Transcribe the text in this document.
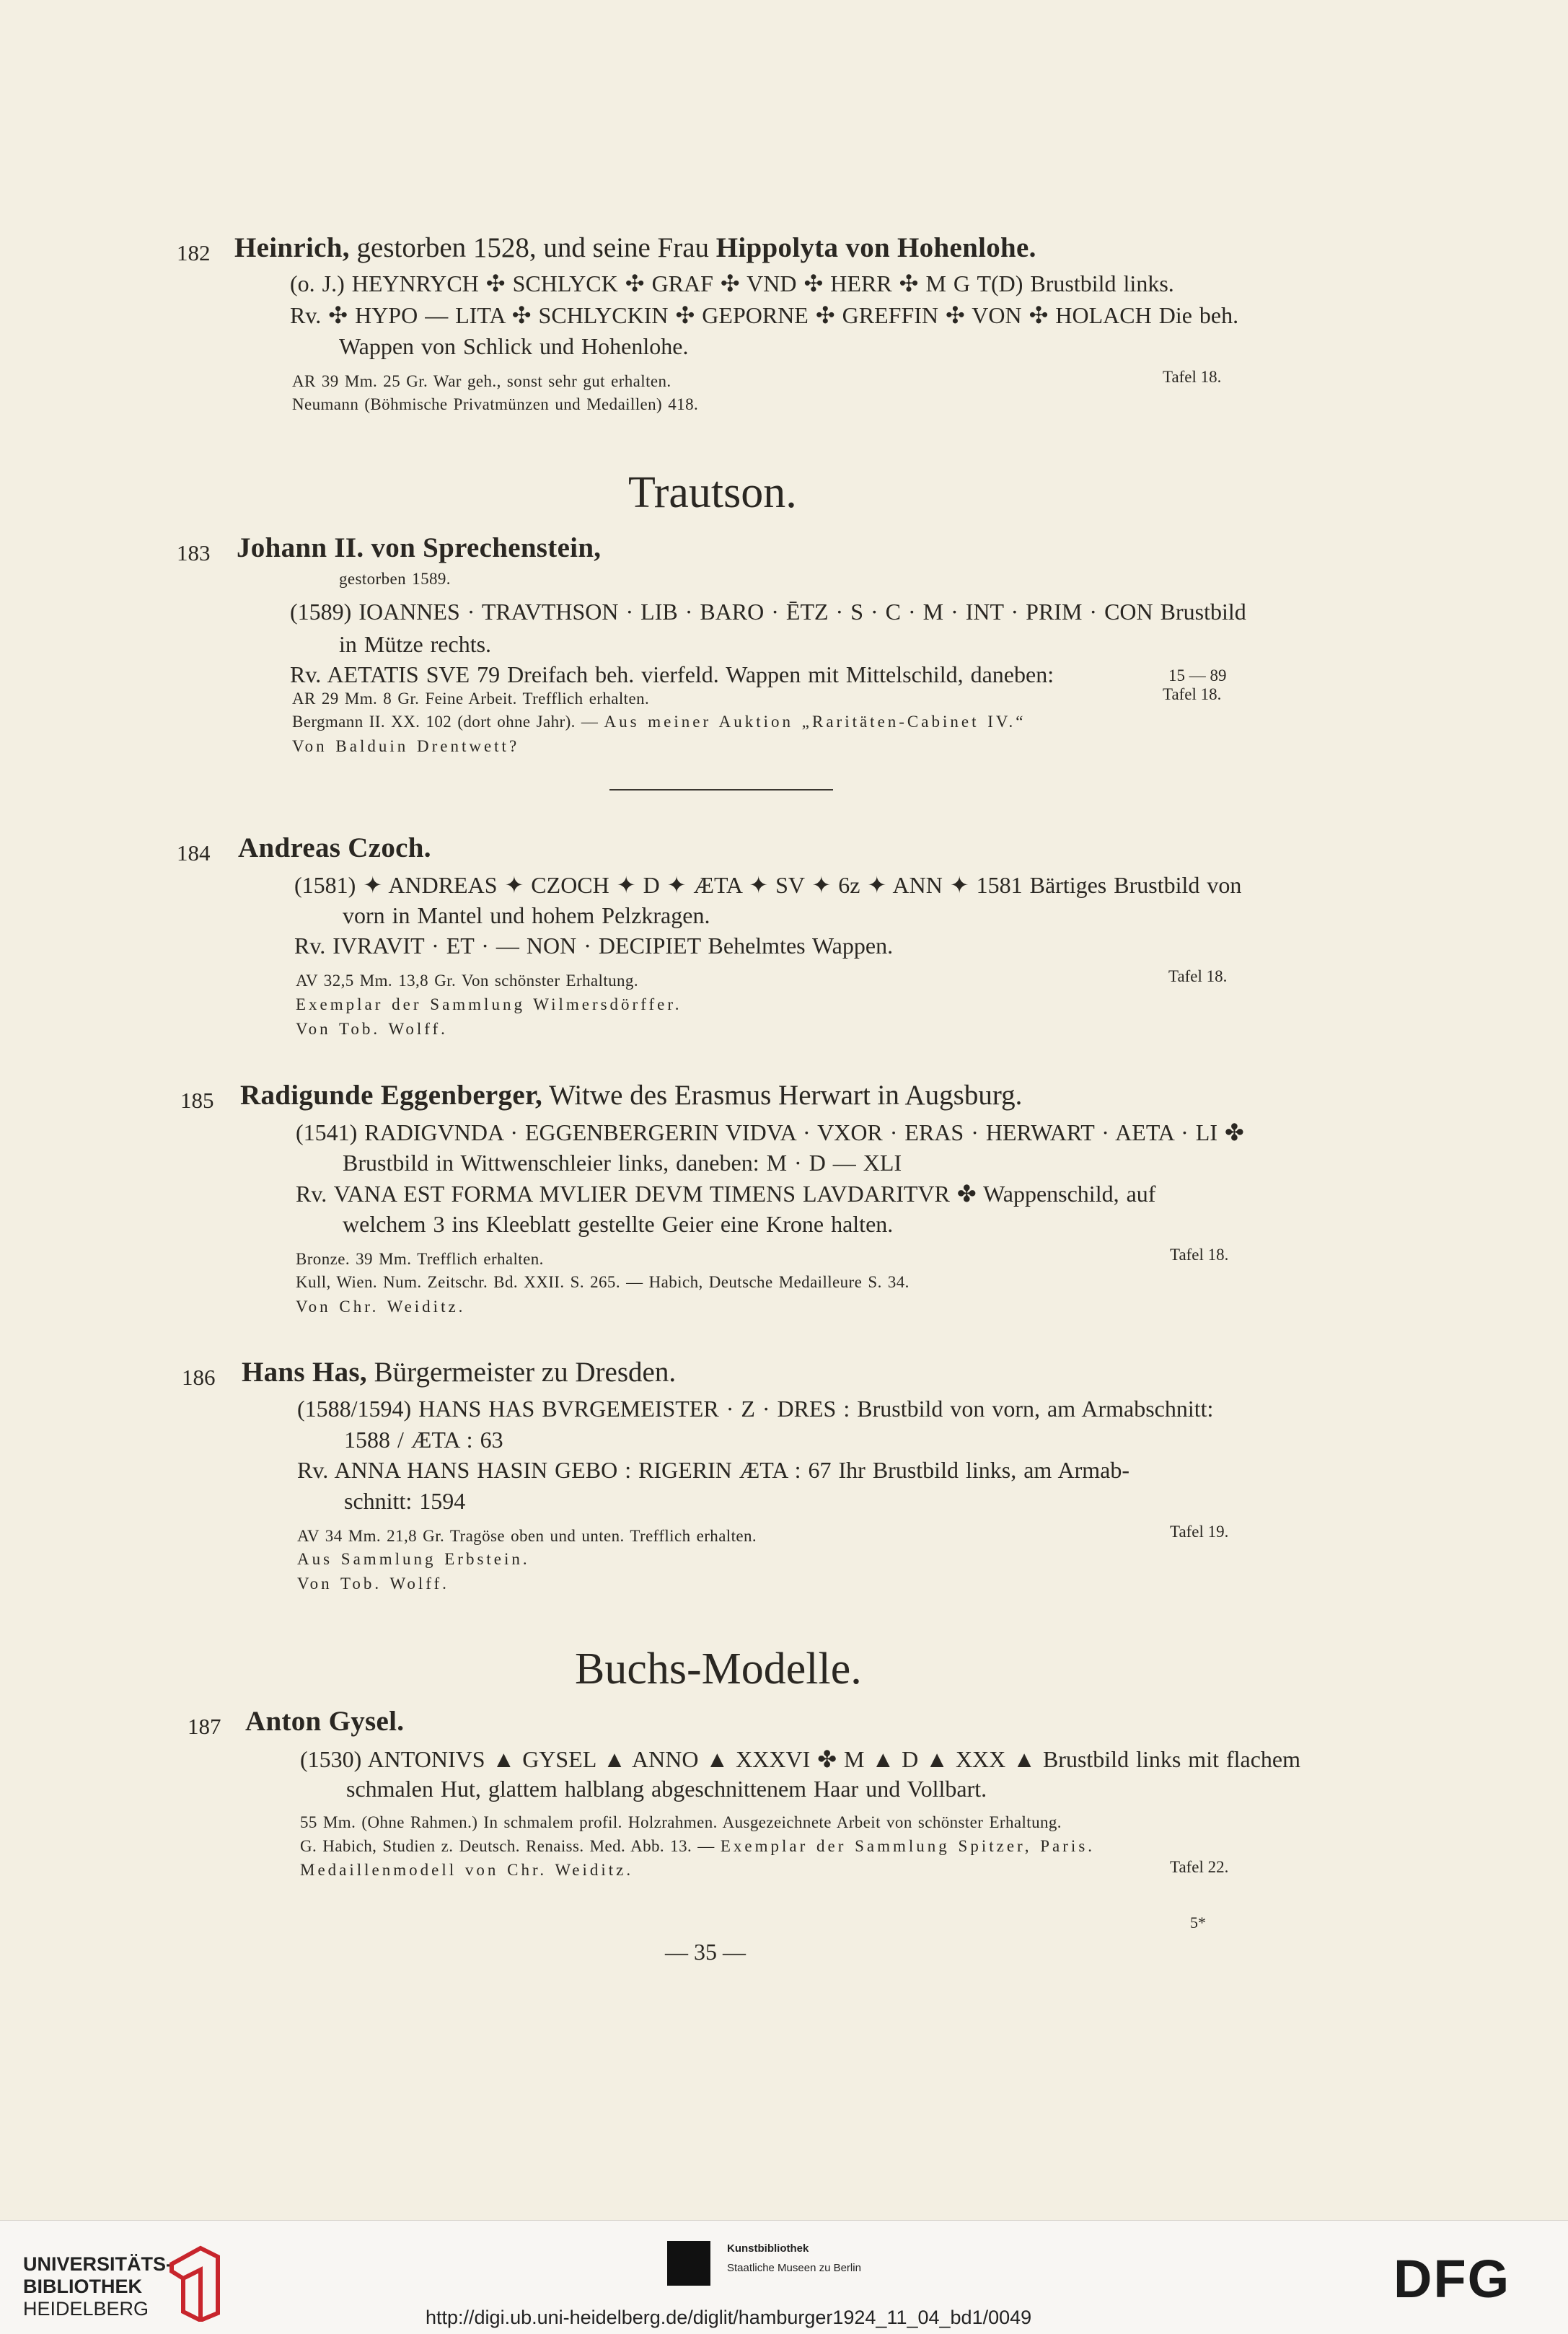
182 Heinrich, gestorben 1528, und seine Frau Hippolyta von Hohenlohe.
(o. J.) HEYNRYCH ✣ SCHLYCK ✣ GRAF ✣ VND ✣ HERR ✣ M G T(D) Brustbild links.
Rv. ✣ HYPO — LITA ✣ SCHLYCKIN ✣ GEPORNE ✣ GREFFIN ✣ VON ✣ HOLACH Die beh.
Wappen von Schlick und Hohenlohe.
AR 39 Mm. 25 Gr. War geh., sonst sehr gut erhalten.	Tafel 18.
Neumann (Böhmische Privatmünzen und Medaillen) 418.
Trautson.
183 Johann II. von Sprechenstein,
gestorben 1589.
(1589) IOANNES · TRAVTHSON · LIB · BARO · ĒTZ · S · C · M · INT · PRIM · CON Brustbild
in Mütze rechts.
Rv. AETATIS SVE 79 Dreifach beh. vierfeld. Wappen mit Mittelschild, daneben:	15 — 89
AR 29 Mm. 8 Gr. Feine Arbeit. Trefflich erhalten.	Tafel 18.
Bergmann II. XX. 102 (dort ohne Jahr). — Aus meiner Auktion „Raritäten-Cabinet IV.“
Von Balduin Drentwett?
184 Andreas Czoch.
(1581) ✦ ANDREAS ✦ CZOCH ✦ D ✦ ÆTA ✦ SV ✦ 6z ✦ ANN ✦ 1581 Bärtiges Brustbild von
vorn in Mantel und hohem Pelzkragen.
Rv. IVRAVIT · ET · — NON · DECIPIET Behelmtes Wappen.
AV 32,5 Mm. 13,8 Gr. Von schönster Erhaltung.	Tafel 18.
Exemplar der Sammlung Wilmersdörffer.
Von Tob. Wolff.
185 Radigunde Eggenberger, Witwe des Erasmus Herwart in Augsburg.
(1541) RADIGVNDA · EGGENBERGERIN VIDVA · VXOR · ERAS · HERWART · AETA · LI ✤
Brustbild in Wittwenschleier links, daneben: M · D — XLI
Rv. VANA EST FORMA MVLIER DEVM TIMENS LAVDARITVR ✤ Wappenschild, auf
welchem 3 ins Kleeblatt gestellte Geier eine Krone halten.
Bronze. 39 Mm. Trefflich erhalten.	Tafel 18.
Kull, Wien. Num. Zeitschr. Bd. XXII. S. 265. — Habich, Deutsche Medailleure S. 34.
Von Chr. Weiditz.
186 Hans Has, Bürgermeister zu Dresden.
(1588/1594) HANS HAS BVRGEMEISTER · Z · DRES : Brustbild von vorn, am Armabschnitt:
1588 / ÆTA : 63
Rv. ANNA HANS HASIN GEBO : RIGERIN ÆTA : 67 Ihr Brustbild links, am Armab-
schnitt: 1594
AV 34 Mm. 21,8 Gr. Tragöse oben und unten. Trefflich erhalten.	Tafel 19.
Aus Sammlung Erbstein.
Von Tob. Wolff.
Buchs-Modelle.
187 Anton Gysel.
(1530) ANTONIVS ▲ GYSEL ▲ ANNO ▲ XXXVI ✤ M ▲ D ▲ XXX ▲ Brustbild links mit flachem
schmalen Hut, glattem halblang abgeschnittenem Haar und Vollbart.
55 Mm. (Ohne Rahmen.) In schmalem profil. Holzrahmen. Ausgezeichnete Arbeit von schönster Erhaltung.
G. Habich, Studien z. Deutsch. Renaiss. Med. Abb. 13. — Exemplar der Sammlung Spitzer, Paris.
Medaillenmodell von Chr. Weiditz.	Tafel 22.
5*
— 35 —
UNIVERSITÄTS-
BIBLIOTHEK
HEIDELBERG
Kunstbibliothek
Staatliche Museen zu Berlin	DFG
http://digi.ub.uni-heidelberg.de/diglit/hamburger1924_11_04_bd1/0049
